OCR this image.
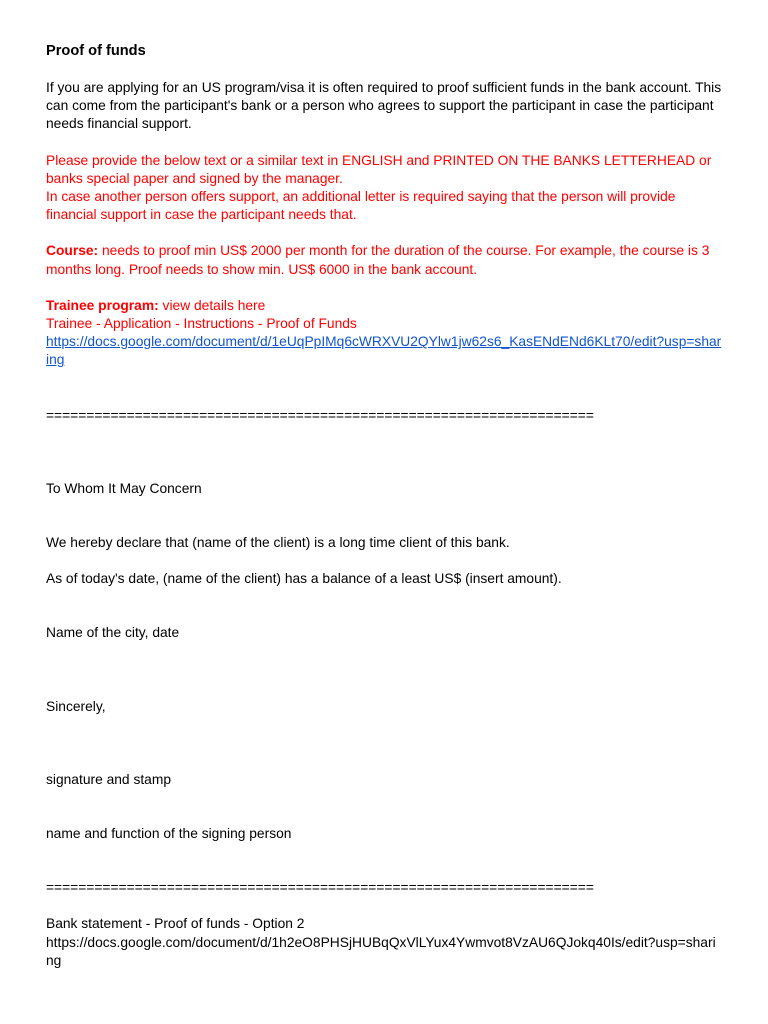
Proof of funds

If you are applying for an US program/visa it is often required to proof sufficient funds in the bank account. This can come from the participant's bank or a person who agrees to support the participant in case the participant needs financial support.

Please provide the below text or a similar text in ENGLISH and PRINTED ON THE BANKS LETTERHEAD or banks special paper and signed by the manager.

In case another person offers support, an additional letter is required saying that the person will provide financial support in case the participant needs that.

Course: needs to proof min US$ 2000 per month for the duration of the course. For example, the course is 3 months long. Proof needs to show min. US$ 6000 in the bank account.

Trainee program: view details here

Trainee - Application - Instructions - Proof of Funds

https://docs.google.com/document/d/1eUqPpIMq6cWRXVU2QYlw1jw62s6_KasENdENd6KLt70/edit?usp=sharing

====================================================================

To Whom It May Concern

We hereby declare that (name of the client) is a long time client of this bank.

As of today's date, (name of the client) has a balance of a least US$ (insert amount).

Name of the city, date

Sincerely,

signature and stamp

name and function of the signing person

====================================================================

Bank statement - Proof of funds - Option 2

https://docs.google.com/document/d/1h2eO8PHSjHUBqQxVlLYux4Ywmvot8VzAU6QJokq40Is/edit?usp=sharing
